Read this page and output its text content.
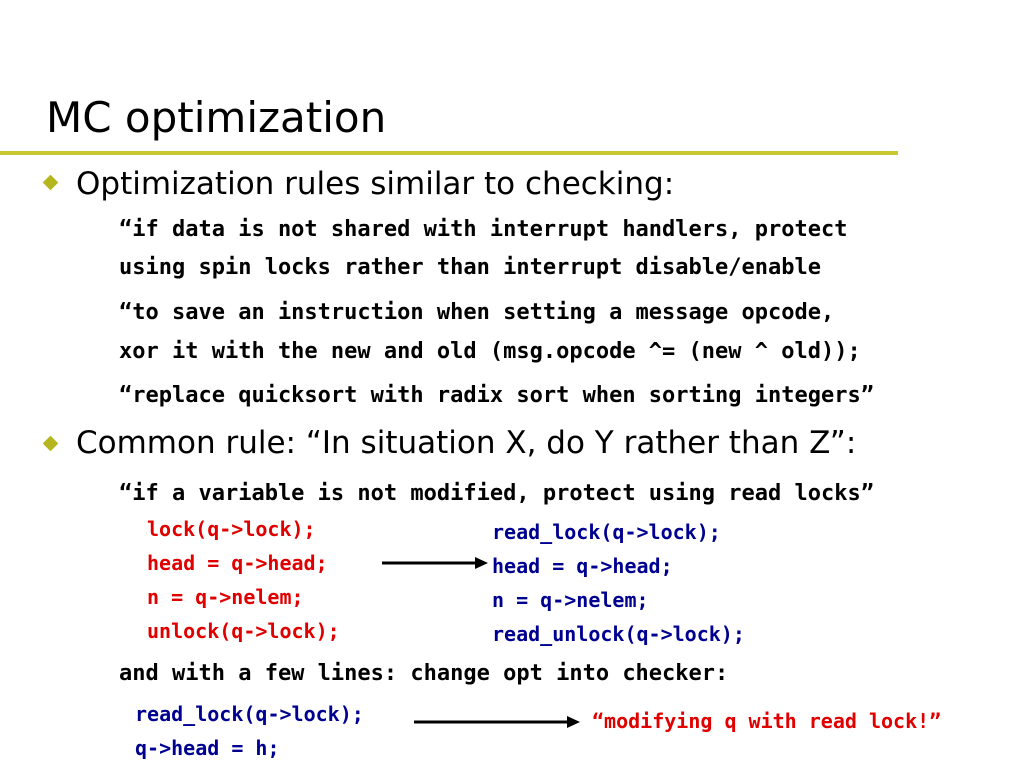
MC optimization
Optimization rules similar to checking:
“if data is not shared with interrupt handlers, protect
using spin locks rather than interrupt disable/enable
“to save an instruction when setting a message opcode,
xor it with the new and old (msg.opcode ^= (new ^ old));
“replace quicksort with radix sort when sorting integers”
Common rule: “In situation X, do Y rather than Z”:
“if a variable is not modified, protect using read locks”
lock(q->lock);
head = q->head;
n = q->nelem;
unlock(q->lock);
read_lock(q->lock);
head = q->head;
n = q->nelem;
read_unlock(q->lock);
and with a few lines: change opt into checker:
read_lock(q->lock);
q->head = h;
“modifying q with read lock!”
